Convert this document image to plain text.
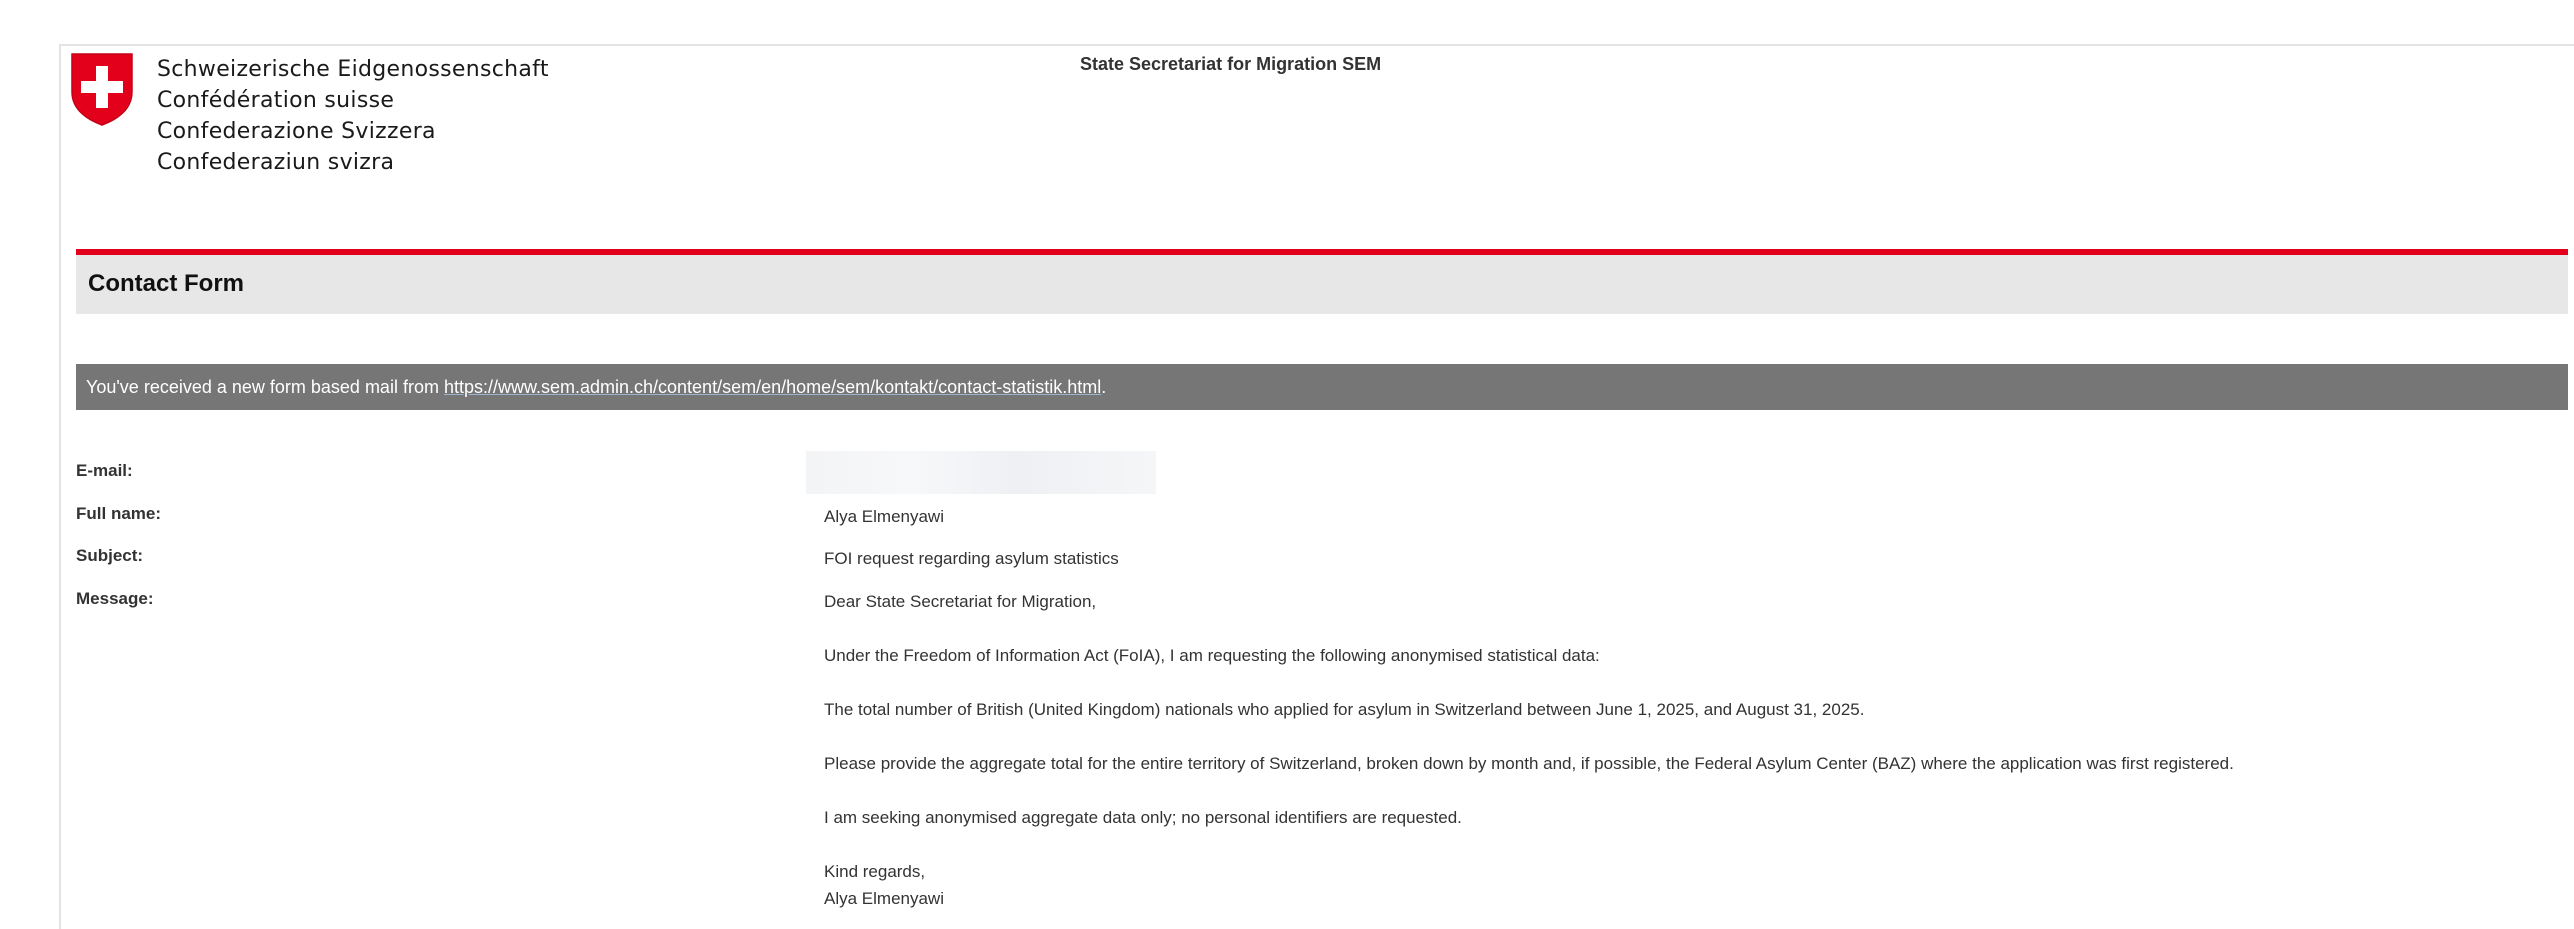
Schweizerische Eidgenossenschaft
Confédération suisse
Confederazione Svizzera
Confederaziun svizra
State Secretariat for Migration SEM
Contact Form
You've received a new form based mail from https://www.sem.admin.ch/content/sem/en/home/sem/kontakt/contact-statistik.html.
E-mail:
Full name:	Alya Elmenyawi
Subject:	FOI request regarding asylum statistics
Message:	Dear State Secretariat for Migration,
Under the Freedom of Information Act (FoIA), I am requesting the following anonymised statistical data:
The total number of British (United Kingdom) nationals who applied for asylum in Switzerland between June 1, 2025, and August 31, 2025.
Please provide the aggregate total for the entire territory of Switzerland, broken down by month and, if possible, the Federal Asylum Center (BAZ) where the application was first registered.
I am seeking anonymised aggregate data only; no personal identifiers are requested.
Kind regards,
Alya Elmenyawi
